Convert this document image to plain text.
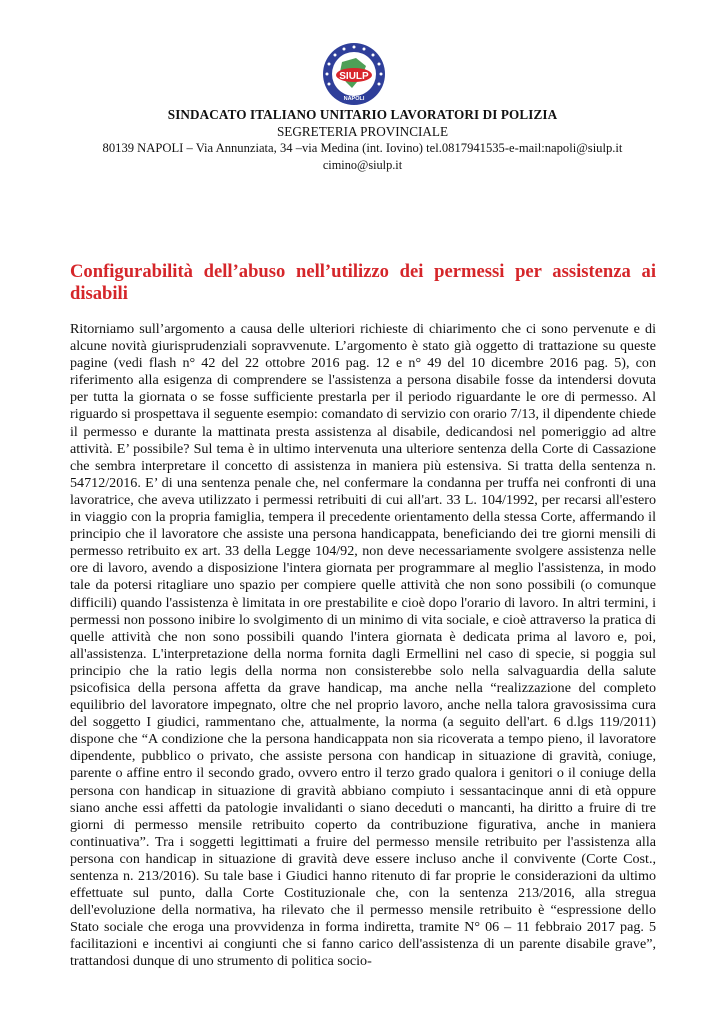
SIULP
NAPOLI
SINDACATO ITALIANO UNITARIO LAVORATORI DI POLIZIA
SEGRETERIA PROVINCIALE
80139 NAPOLI – Via Annunziata, 34 –via Medina (int. Iovino) tel.0817941535-e-mail:napoli@siulp.it
cimino@siulp.it
Configurabilità dell’abuso nell’utilizzo dei permessi per assistenza ai disabili

Ritorniamo sull’argomento a causa delle ulteriori richieste di chiarimento che ci sono pervenute e di alcune novità giurisprudenziali sopravvenute. L’argomento è stato già oggetto di trattazione su queste pagine (vedi flash n° 42 del 22 ottobre 2016 pag. 12 e n° 49 del 10 dicembre 2016 pag. 5), con riferimento alla esigenza di comprendere se l'assistenza a persona disabile fosse da intendersi dovuta per tutta la giornata o se fosse sufficiente prestarla per il periodo riguardante le ore di permesso. Al riguardo si prospettava il seguente esempio: comandato di servizio con orario 7/13, il dipendente chiede il permesso e durante la mattinata presta assistenza al disabile, dedicandosi nel pomeriggio ad altre attività. E’ possibile? Sul tema è in ultimo intervenuta una ulteriore sentenza della Corte di Cassazione che sembra interpretare il concetto di assistenza in maniera più estensiva. Si tratta della sentenza n. 54712/2016. E’ di una sentenza penale che, nel confermare la condanna per truffa nei confronti di una lavoratrice, che aveva utilizzato i permessi retribuiti di cui all'art. 33 L. 104/1992, per recarsi all'estero in viaggio con la propria famiglia, tempera il precedente orientamento della stessa Corte, affermando il principio che il lavoratore che assiste una persona handicappata, beneficiando dei tre giorni mensili di permesso retribuito ex art. 33 della Legge 104/92, non deve necessariamente svolgere assistenza nelle ore di lavoro, avendo a disposizione l'intera giornata per programmare al meglio l'assistenza, in modo tale da potersi ritagliare uno spazio per compiere quelle attività che non sono possibili (o comunque difficili) quando l'assistenza è limitata in ore prestabilite e cioè dopo l'orario di lavoro. In altri termini, i permessi non possono inibire lo svolgimento di un minimo di vita sociale, e cioè attraverso la pratica di quelle attività che non sono possibili quando l'intera giornata è dedicata prima al lavoro e, poi, all'assistenza. L'interpretazione della norma fornita dagli Ermellini nel caso di specie, si poggia sul principio che la ratio legis della norma non consisterebbe solo nella salvaguardia della salute psicofisica della persona affetta da grave handicap, ma anche nella “realizzazione del completo equilibrio del lavoratore impegnato, oltre che nel proprio lavoro, anche nella talora gravosissima cura del soggetto I giudici, rammentano che, attualmente, la norma (a seguito dell'art. 6 d.lgs 119/2011) dispone che “A condizione che la persona handicappata non sia ricoverata a tempo pieno, il lavoratore dipendente, pubblico o privato, che assiste persona con handicap in situazione di gravità, coniuge, parente o affine entro il secondo grado, ovvero entro il terzo grado qualora i genitori o il coniuge della persona con handicap in situazione di gravità abbiano compiuto i sessantacinque anni di età oppure siano anche essi affetti da patologie invalidanti o siano deceduti o mancanti, ha diritto a fruire di tre giorni di permesso mensile retribuito coperto da contribuzione figurativa, anche in maniera continuativa”. Tra i soggetti legittimati a fruire del permesso mensile retribuito per l'assistenza alla persona con handicap in situazione di gravità deve essere incluso anche il convivente (Corte Cost., sentenza n. 213/2016). Su tale base i Giudici hanno ritenuto di far proprie le considerazioni da ultimo effettuate sul punto, dalla Corte Costituzionale che, con la sentenza 213/2016, alla stregua dell'evoluzione della normativa, ha rilevato che il permesso mensile retribuito è “espressione dello Stato sociale che eroga una provvidenza in forma indiretta, tramite N° 06 – 11 febbraio 2017 pag. 5 facilitazioni e incentivi ai congiunti che si fanno carico dell'assistenza di un parente disabile grave”, trattandosi dunque di uno strumento di politica socio-
